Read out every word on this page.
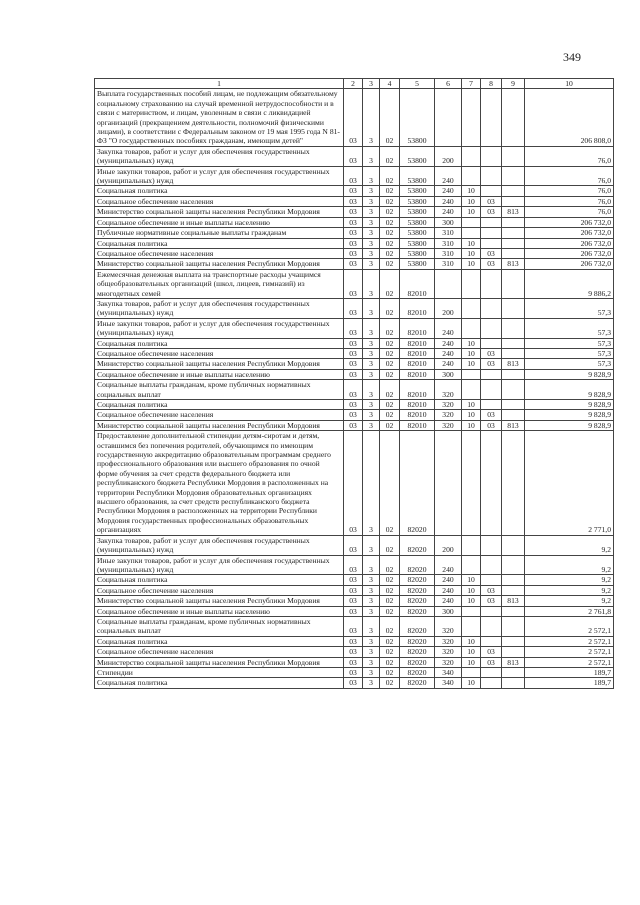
349
1	2	3	4	5	6	7	8	9	10
Выплата государственных пособий лицам, не подлежащим обязательному социальному страхованию на случай временной нетрудоспособности и в связи с материнством, и лицам, уволенным в связи с ликвидацией организаций (прекращением деятельности, полномочий физическими лицами), в соответствии с Федеральным законом от 19 мая 1995 года N 81-ФЗ "О государственных пособиях гражданам, имеющим детей"	03	3	02	53800					206 808,0
Закупка товаров, работ и услуг для обеспечения государственных (муниципальных) нужд	03	3	02	53800	200				76,0
Иные закупки товаров, работ и услуг для обеспечения государственных (муниципальных) нужд	03	3	02	53800	240				76,0
Социальная политика	03	3	02	53800	240	10			76,0
Социальное обеспечение населения	03	3	02	53800	240	10	03		76,0
Министерство социальной защиты населения Республики Мордовия	03	3	02	53800	240	10	03	813	76,0
Социальное обеспечение и иные выплаты населению	03	3	02	53800	300				206 732,0
Публичные нормативные социальные выплаты гражданам	03	3	02	53800	310				206 732,0
Социальная политика	03	3	02	53800	310	10			206 732,0
Социальное обеспечение населения	03	3	02	53800	310	10	03		206 732,0
Министерство социальной защиты населения Республики Мордовия	03	3	02	53800	310	10	03	813	206 732,0
Ежемесячная денежная выплата на транспортные расходы учащимся общеобразовательных организаций (школ, лицеев, гимназий) из многодетных семей	03	3	02	82010					9 886,2
Закупка товаров, работ и услуг для обеспечения государственных (муниципальных) нужд	03	3	02	82010	200				57,3
Иные закупки товаров, работ и услуг для обеспечения государственных (муниципальных) нужд	03	3	02	82010	240				57,3
Социальная политика	03	3	02	82010	240	10			57,3
Социальное обеспечение населения	03	3	02	82010	240	10	03		57,3
Министерство социальной защиты населения Республики Мордовия	03	3	02	82010	240	10	03	813	57,3
Социальное обеспечение и иные выплаты населению	03	3	02	82010	300				9 828,9
Социальные выплаты гражданам, кроме публичных нормативных социальных выплат	03	3	02	82010	320				9 828,9
Социальная политика	03	3	02	82010	320	10			9 828,9
Социальное обеспечение населения	03	3	02	82010	320	10	03		9 828,9
Министерство социальной защиты населения Республики Мордовия	03	3	02	82010	320	10	03	813	9 828,9
Предоставление дополнительной стипендии детям-сиротам и детям, оставшимся без попечения родителей, обучающимся по имеющим государственную аккредитацию образовательным программам среднего профессионального образования или высшего образования по очной форме обучения за счет средств федерального бюджета или республиканского бюджета Республики Мордовия в расположенных на территории Республики Мордовия образовательных организациях высшего образования, за счет средств республиканского бюджета Республики Мордовия в расположенных на территории Республики Мордовия государственных профессиональных образовательных организациях	03	3	02	82020					2 771,0
Закупка товаров, работ и услуг для обеспечения государственных (муниципальных) нужд	03	3	02	82020	200				9,2
Иные закупки товаров, работ и услуг для обеспечения государственных (муниципальных) нужд	03	3	02	82020	240				9,2
Социальная политика	03	3	02	82020	240	10			9,2
Социальное обеспечение населения	03	3	02	82020	240	10	03		9,2
Министерство социальной защиты населения Республики Мордовия	03	3	02	82020	240	10	03	813	9,2
Социальное обеспечение и иные выплаты населению	03	3	02	82020	300				2 761,8
Социальные выплаты гражданам, кроме публичных нормативных социальных выплат	03	3	02	82020	320				2 572,1
Социальная политика	03	3	02	82020	320	10			2 572,1
Социальное обеспечение населения	03	3	02	82020	320	10	03		2 572,1
Министерство социальной защиты населения Республики Мордовия	03	3	02	82020	320	10	03	813	2 572,1
Стипендии	03	3	02	82020	340				189,7
Социальная политика	03	3	02	82020	340	10			189,7
